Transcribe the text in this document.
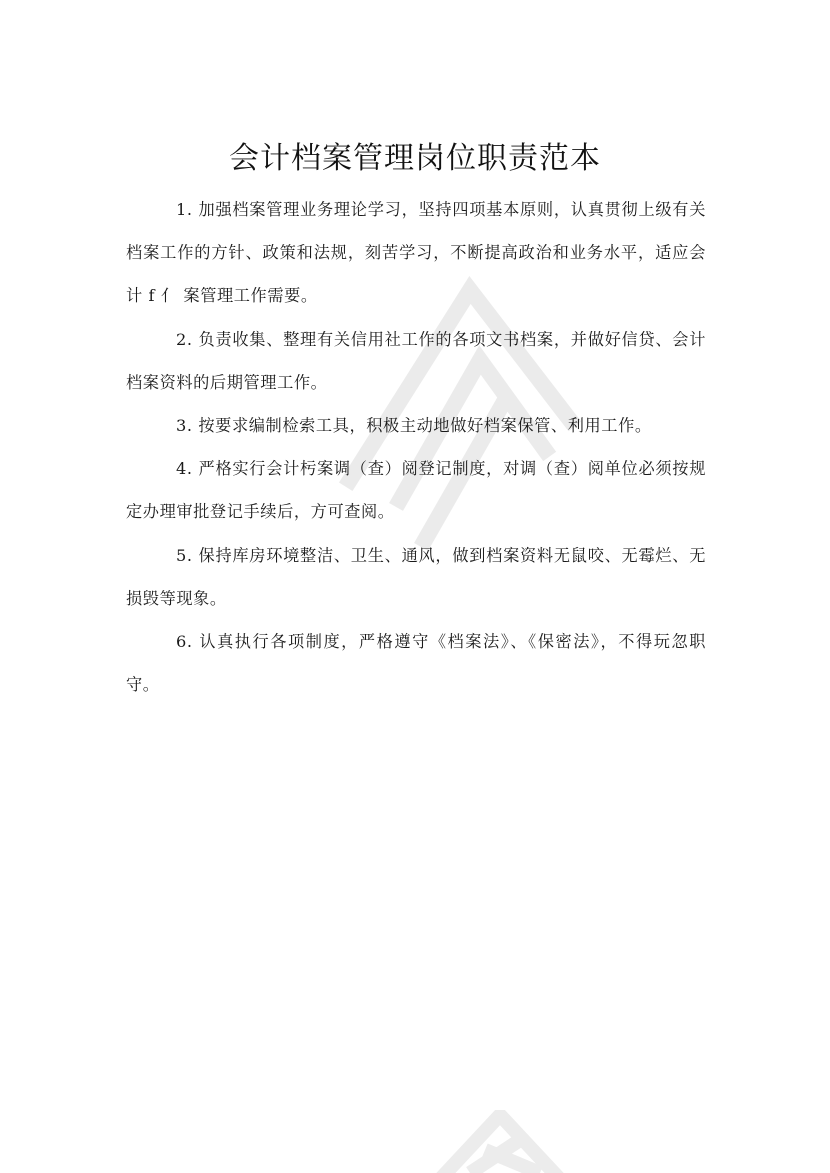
会计档案管理岗位职责范本

1. 加强档案管理业务理论学习，坚持四项基本原则，认真贯彻上级有关档案工作的方针、政策和法规，刻苦学习，不断提高政治和业务水平，适应会计 f 亻 案管理工作需要。

2. 负责收集、整理有关信用社工作的各项文书档案，并做好信贷、会计档案资料的后期管理工作。

3. 按要求编制检索工具，积极主动地做好档案保管、利用工作。

4. 严格实行会计杇案调（查）阅登记制度，对调（查）阅单位必须按规定办理审批登记手续后，方可查阅。

5. 保持库房环境整洁、卫生、通风，做到档案资料无鼠咬、无霉烂、无损毁等现象。

6. 认真执行各项制度，严格遵守《档案法》、《保密法》，不得玩忽职守。
